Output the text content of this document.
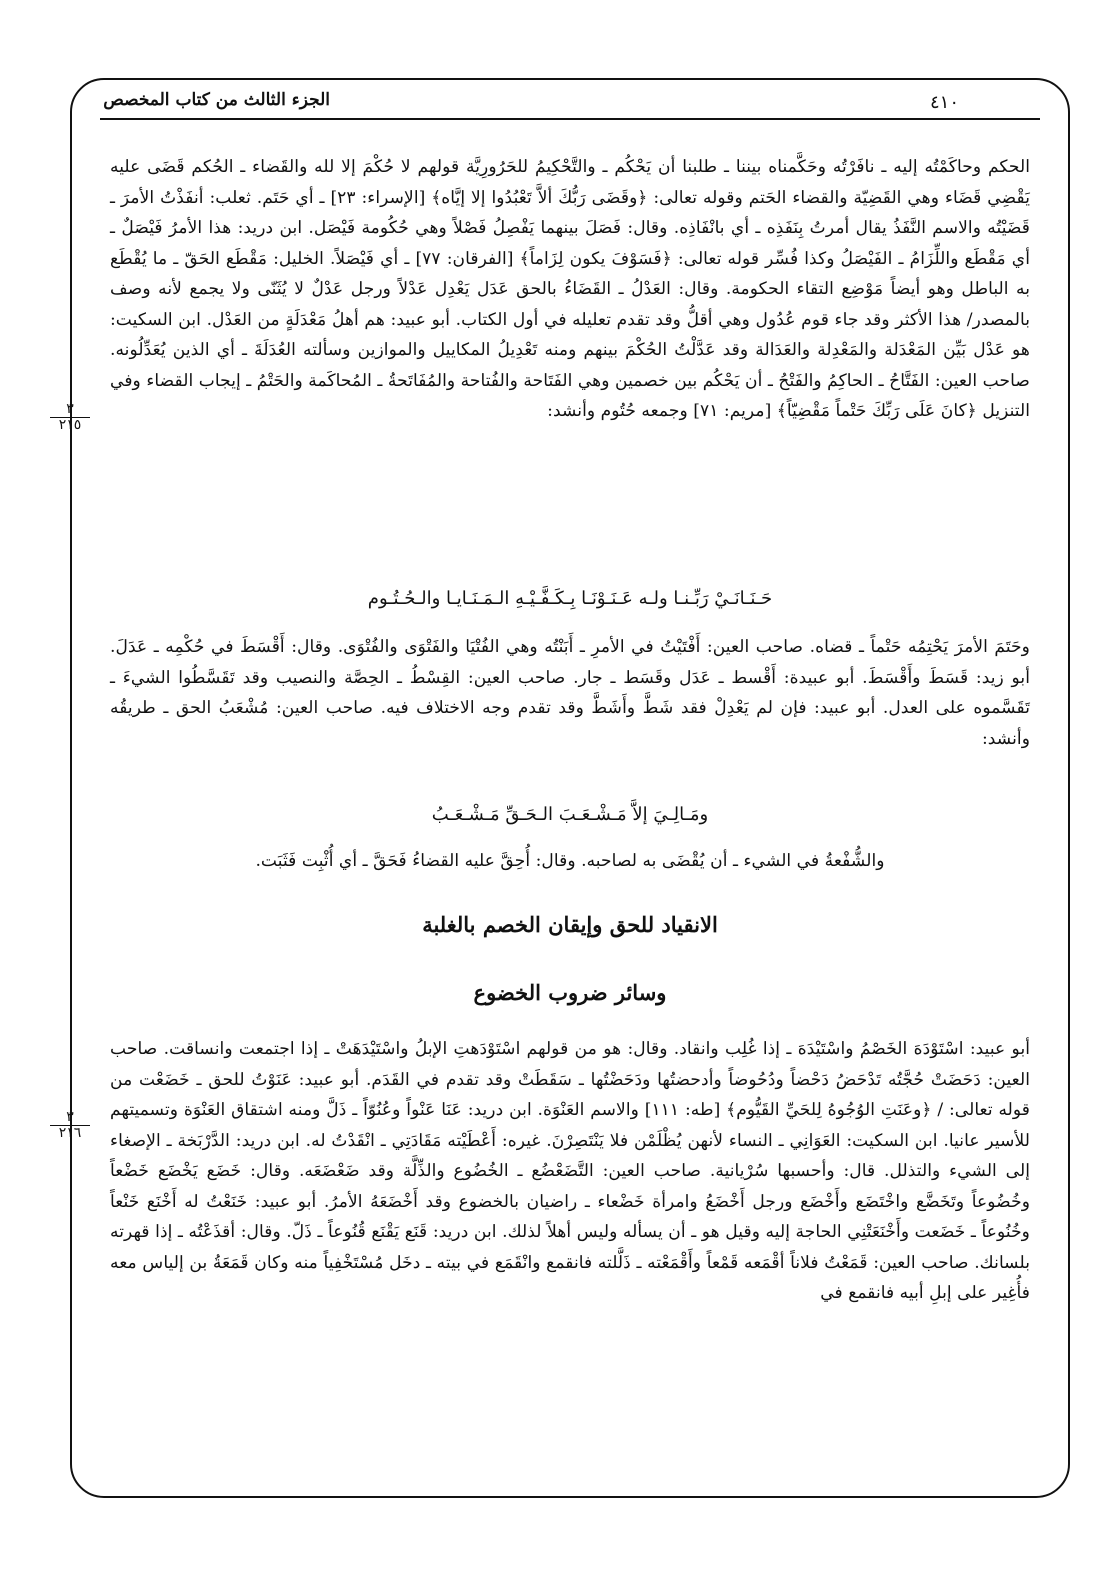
الجزء الثالث من كتاب المخصص	٤١٠
٣
٢١٥
٣
٢١٦

الحكم وحاكَمْتُه إليه ـ نافَرْتُه وحَكَّمناه بيننا ـ طلبنا أن يَحْكُم ـ والتَّحْكِيمُ للحَرُورِيَّة قولهم لا حُكْمَ إلا لله والقَضاء ـ الحُكم قَضَى عليه يَقْضِي قَضَاء وهي القَضِيّة والقضاء الحَتم وقوله تعالى: ﴿وقَضَى رَبُّكَ ألاَّ تَعْبُدُوا إلا إيَّاه﴾ [الإسراء: ٢٣] ـ أي حَتَم. ثعلب: أنفَذْتُ الأمرَ ـ قَضَيْتُه والاسم النَّفَذُ يقال أمرتُ بِنَفَذِه ـ أي بانْفَاذِه. وقال: فَصَلَ بينهما يَفْصِلُ فَصْلاً وهي حُكُومة فَيْصَل. ابن دريد: هذا الأمرُ فَيْصَلٌ ـ أي مَقْطَع واللِّزَامُ ـ الفَيْصَلُ وكذا فُسِّر قوله تعالى: ﴿فَسَوْفَ يكون لِزَاماً﴾ [الفرقان: ٧٧] ـ أي فَيْصَلاً. الخليل: مَقْطَع الحَقّ ـ ما يُقْطَع به الباطل وهو أيضاً مَوْضِع التقاء الحكومة. وقال: العَدْلُ ـ القَضَاءُ بالحق عَدَل يَعْدِل عَدْلاً ورجل عَدْلٌ لا يُثَنّى ولا يجمع لأنه وصف بالمصدر/ هذا الأكثر وقد جاء قوم عُدُول وهي أقلُّ وقد تقدم تعليله في أول الكتاب. أبو عبيد: هم أهلُ مَعْدَلَةٍ من العَدْل. ابن السكيت: هو عَدْل بَيِّن المَعْدَلة والمَعْدِلة والعَدَالة وقد عَدَّلْتُ الحُكْمَ بينهم ومنه تَعْدِيلُ المكاييل والموازين وسألته العُدَلَةَ ـ أي الذين يُعَدِّلُونه. صاحب العين: الفَتَّاحُ ـ الحاكِمُ والفَتْحُ ـ أن يَحْكُم بين خصمين وهي الفَتَاحة والفُتاحة والمُفَاتَحةُ ـ المُحاكَمة والحَتْمُ ـ إيجاب القضاء وفي التنزيل ﴿كانَ عَلَى رَبِّكَ حَتْماً مَقْضِيّاً﴾ [مريم: ٧١] وجمعه حُتُوم وأنشد:

حَـنَـانَـيْ رَبِّـنـا ولـه عَـنَـوْنَـا بِـكَـفَّـيْـهِ الـمَـنَـايـا والـحُـتُـوم

وحَتَمَ الأمرَ يَحْتِمُه حَتْماً ـ قضاه. صاحب العين: أَفْتَيْتُ في الأمرِ ـ أَبَنْتُه وهي الفُتْيَا والفَتْوَى والفُتْوَى. وقال: أَقْسَطَ في حُكْمِه ـ عَدَلَ. أبو زيد: قَسَطَ وأَقْسَطَ. أبو عبيدة: أَقْسط ـ عَدَل وقَسَط ـ جار. صاحب العين: القِسْطُ ـ الحِصَّة والنصيب وقد تَقَسَّطُوا الشيءَ ـ تَقَسَّموه على العدل. أبو عبيد: فإن لم يَعْدِلْ فقد شَطَّ وأَشَطَّ وقد تقدم وجه الاختلاف فيه. صاحب العين: مُشْعَبُ الحق ـ طريقُه وأنشد:

ومَـالِـيَ إلاَّ مَـشْـعَـبَ الـحَـقِّ مَـشْـعَـبُ

والشُّفْعةُ في الشيء ـ أن يُقْضَى به لصاحبه. وقال: أُحِقَّ عليه القضاءُ فَحَقَّ ـ أي أُثْبِت فَثَبَت.

الانقياد للحق وإيقان الخصم بالغلبة
وسائر ضروب الخضوع

أبو عبيد: اسْتَوْدَهَ الخَصْمُ واسْتَيْدَهَ ـ إذا غُلِب وانقاد. وقال: هو من قولهم اسْتَوْدَهتِ الإبلُ واسْتَيْدَهَتْ ـ إذا اجتمعت وانساقت. صاحب العين: دَحَضَتْ حُجَّتُه تَدْحَضُ دَحْضاً ودُحُوضاً وأدحضتُها ودَحَضْتُها ـ سَقَطَتْ وقد تقدم في القَدَم. أبو عبيد: عَنَوْتُ للحق ـ خَضَعْت من قوله تعالى: / ﴿وعَنَتِ الوُجُوهُ لِلحَيِّ القَيُّوم﴾ [طه: ١١١] والاسم العَنْوَة. ابن دريد: عَنَا عَنْواً وعُنُوّاً ـ ذَلَّ ومنه اشتقاق العَنْوَة وتسميتهم للأسير عانيا. ابن السكيت: العَوَانِي ـ النساء لأنهن يُظْلَمْن فلا يَنْتَصِرْنَ. غيره: أَعْطَيْته مَقَادَتِي ـ انْقَدْتُ له. ابن دريد: الدَّرْبَخة ـ الإصغاء إلى الشيء والتذلل. قال: وأحسبها سُرْيانية. صاحب العين: التَّضَعْضُع ـ الخُضُوع والذِّلَّة وقد ضَعْضَعَه. وقال: خَضَع يَخْضَع خَضْعاً وخُضُوعاً وتَخَضَّع واخْتَضَع وأَخْضَع ورجل أَخْضَعُ وامرأة خَضْعاء ـ راضيان بالخضوع وقد أَخْضَعَهُ الأمرُ. أبو عبيد: خَنَعْتُ له أَخْنَع خَنْعاً وخُنُوعاً ـ خَضَعت وأَخْنَعَتْنِي الحاجة إليه وقيل هو ـ أن يسأله وليس أهلاً لذلك. ابن دريد: قَنَع يَقْنَع قُنُوعاً ـ ذَلّ. وقال: أقذَعْتُه ـ إذا قهرته بلسانك. صاحب العين: قَمَعْتُ فلاناً أقْمَعه قَمْعاً وأَقْمَعْته ـ ذَلَّلته فانقمع وانْقَمَع في بيته ـ دخَل مُسْتَخْفِياً منه وكان قَمَعَةُ بن إلياس معه فأُغِير على إبلِ أبيه فانقمع في
